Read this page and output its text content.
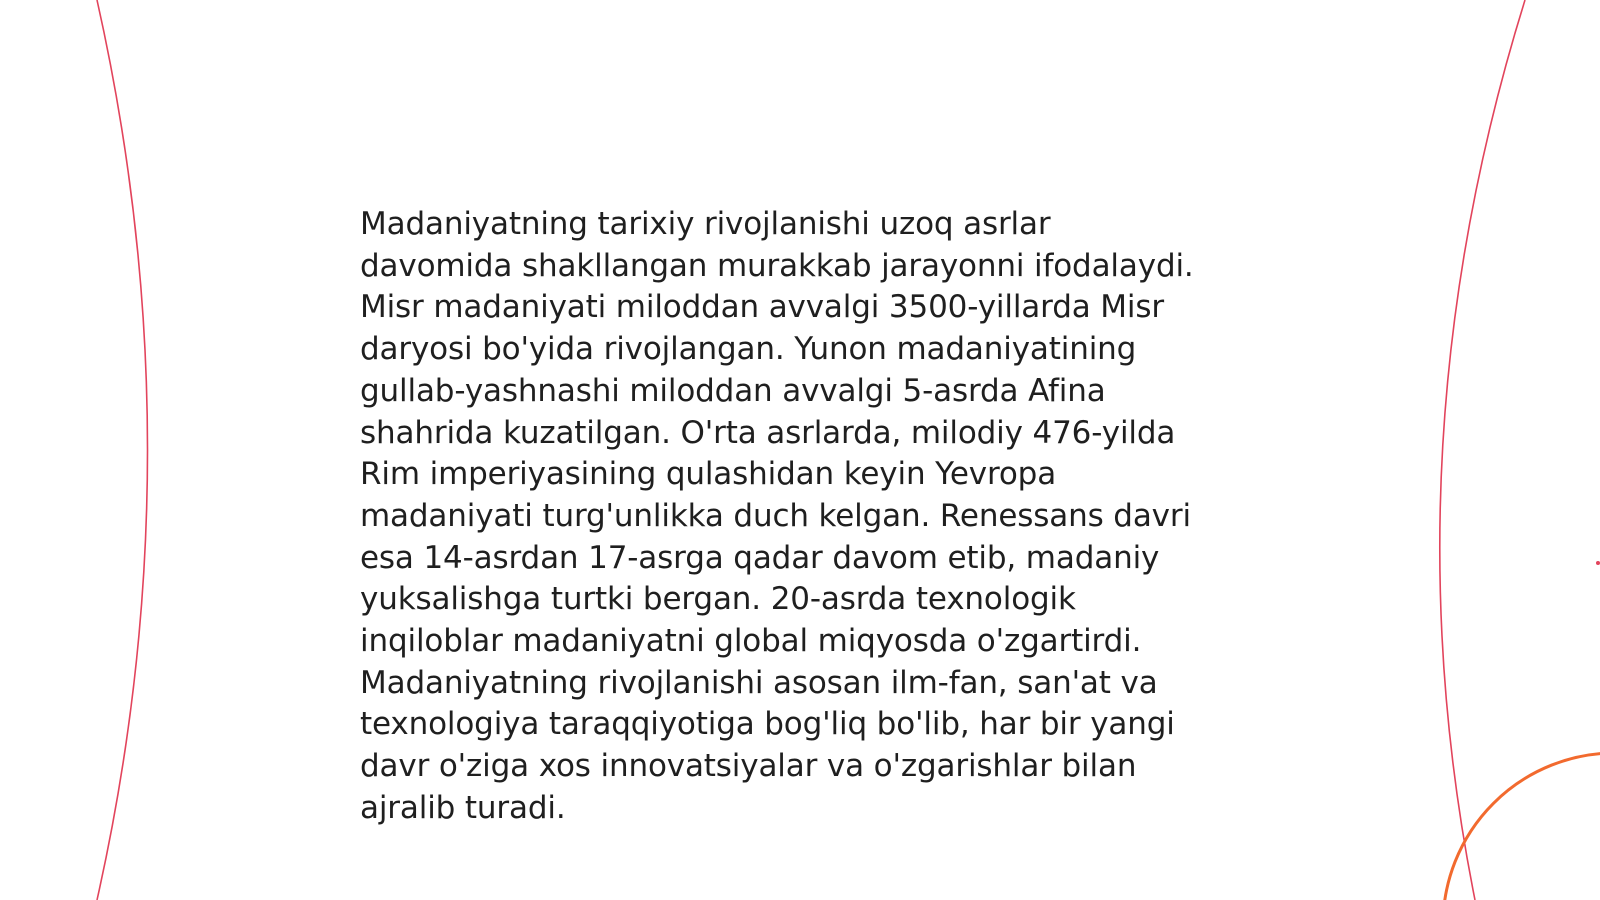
Madaniyatning tarixiy rivojlanishi uzoq asrlar
davomida shakllangan murakkab jarayonni ifodalaydi.
Misr madaniyati miloddan avvalgi 3500-yillarda Misr
daryosi bo'yida rivojlangan. Yunon madaniyatining
gullab-yashnashi miloddan avvalgi 5-asrda Afina
shahrida kuzatilgan. O'rta asrlarda, milodiy 476-yilda
Rim imperiyasining qulashidan keyin Yevropa
madaniyati turg'unlikka duch kelgan. Renessans davri
esa 14-asrdan 17-asrga qadar davom etib, madaniy
yuksalishga turtki bergan. 20-asrda texnologik
inqiloblar madaniyatni global miqyosda o'zgartirdi.
Madaniyatning rivojlanishi asosan ilm-fan, san'at va
texnologiya taraqqiyotiga bog'liq bo'lib, har bir yangi
davr o'ziga xos innovatsiyalar va o'zgarishlar bilan
ajralib turadi.
